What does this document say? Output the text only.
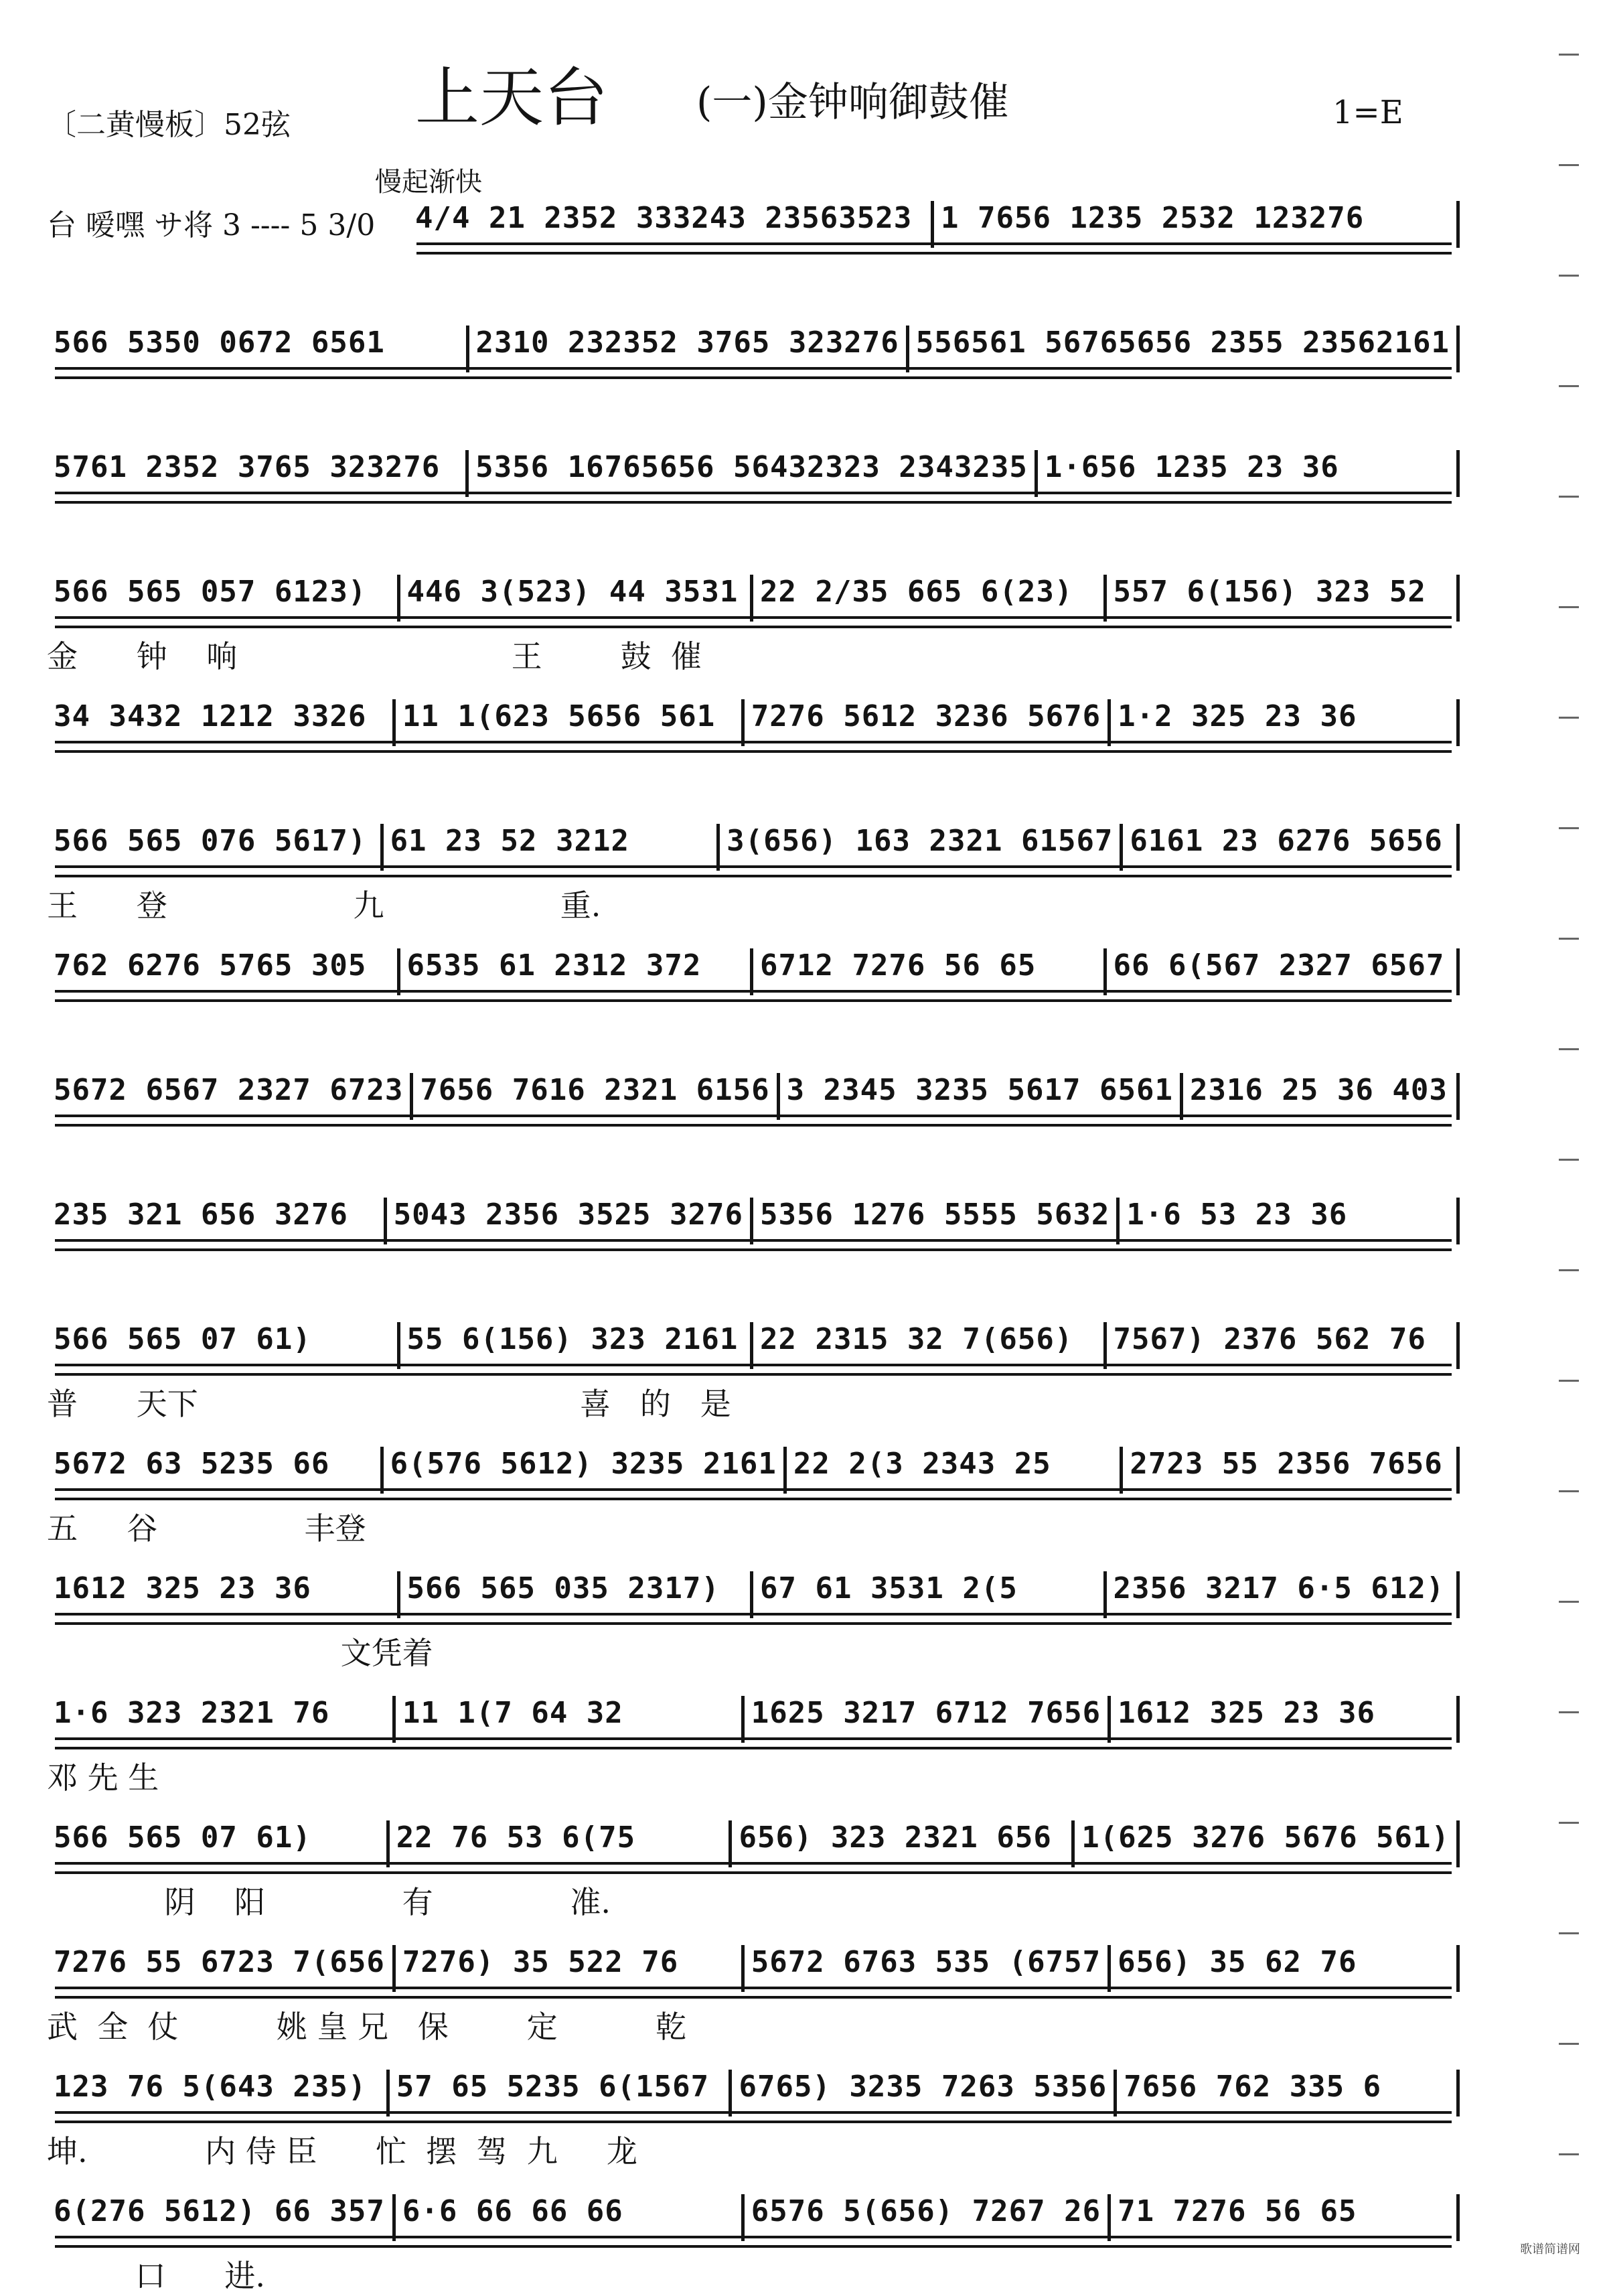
〔二黄慢板〕52弦 上天台 (一)金钟响御鼓催	1=E
慢起渐快
台 嗳嘿 サ将 3 ---- 5 3/0 4/4 21 2352 333243 23563523 1 7656 1235 2532 123276
566 5350 0672 6561	2310 232352 3765 323276 556561 56765656 2355 23562161
5761 2352 3765 323276	5356 16765656 56432323 2343235 1·656 1235 23 36
566 565 057 6123)	446 3(523) 44 3531 22 2/35 665 6(23)	557 6(156) 323 52
金      钟    响                            王        鼓  催
34 3432 1212 3326	11 1(623 5656 561	7276 5612 3236 5676 1·2 325 23 36
566 565 076 5617) 61 23 52 3212	3(656) 163 2321 61567 6161 23 6276 5656
王      登                   九                  重.
762 6276 5765 305	6535 61 2312 372	6712 7276 56 65	66 6(567 2327 6567
5672 6567 2327 6723 7656 7616 2321 6156 3 2345 3235 5617 6561 2316 25 36 403
235 321 656 3276	5043 2356 3525 3276 5356 1276 5555 5632 1·6 53 23 36
566 565 07 61)	55 6(156) 323 2161 22 2315 32 7(656)	7567) 2376 562 76
普      天下                                       喜   的   是
5672 63 5235 66	6(576 5612) 3235 2161 22 2(3 2343 25	2723 55 2356 7656
五     谷               丰登
1612 325 23 36	566 565 035 2317)	67 61 3531 2(5	2356 3217 6·5 612)
文凭着
1·6 323 2321 76	11 1(7 64 32	1625 3217 6712 7656 1612 325 23 36
邓 先 生
566 565 07 61)	22 76 53 6(75	656) 323 2321 656	1(625 3276 5676 561)
阴    阳              有              准.
7276 55 6723 7(656 7276) 35 522 76	5672 6763 535 (6757 656) 35 62 76
武  全  仗          姚 皇 兄   保        定          乾
123 76 5(643 235)	57 65 5235 6(1567	6765) 3235 7263 5356 7656 762 335 6
坤.            内 侍 臣      忙  摆  驾  九     龙
6(276 5612) 66 357 6·6 66 66 66	6576 5(656) 7267 26 71 7276 56 65
口      进.
歌谱简谱网
